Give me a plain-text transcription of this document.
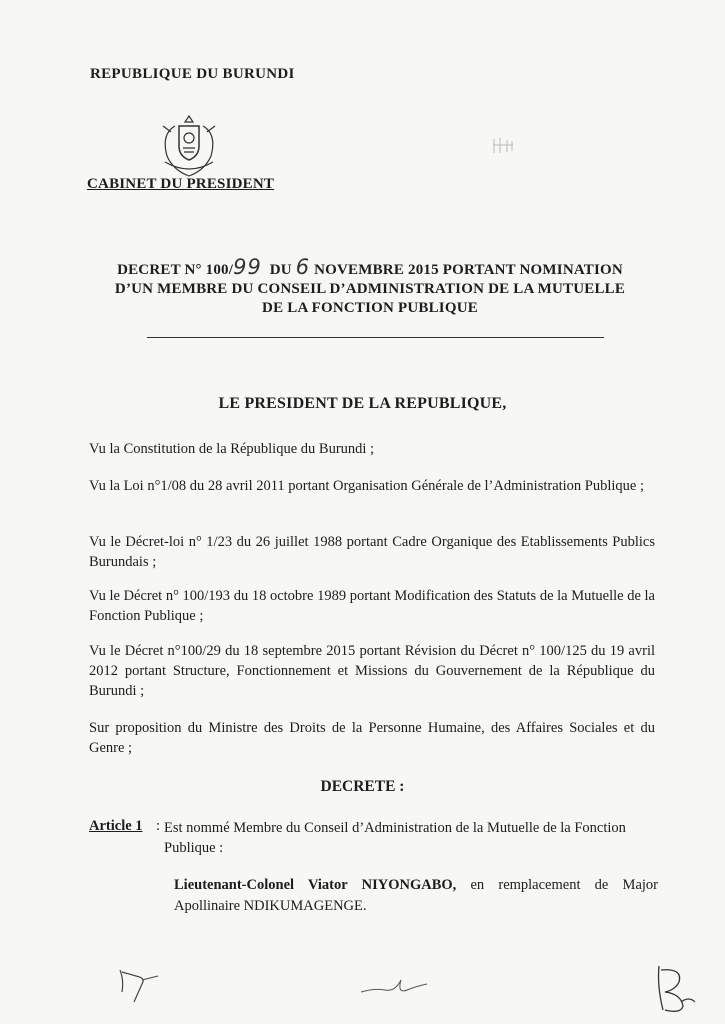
REPUBLIQUE DU BURUNDI
CABINET DU PRESIDENT
DECRET N° 100/99 DU 6 NOVEMBRE 2015 PORTANT NOMINATION
D’UN MEMBRE DU CONSEIL D’ADMINISTRATION DE LA MUTUELLE
DE LA FONCTION PUBLIQUE
LE PRESIDENT DE LA REPUBLIQUE,
Vu la Constitution de la République du Burundi ;
Vu la Loi n°1/08 du 28 avril 2011 portant Organisation Générale de l’Administration Publique ;
Vu le Décret-loi n° 1/23 du 26 juillet 1988 portant Cadre Organique des Etablissements Publics Burundais ;
Vu le Décret n° 100/193 du 18 octobre 1989 portant Modification des Statuts de la Mutuelle de la Fonction Publique ;
Vu le Décret n°100/29 du 18 septembre 2015 portant Révision du Décret n° 100/125 du 19 avril 2012 portant Structure, Fonctionnement et Missions du Gouvernement de la République du Burundi ;
Sur proposition du Ministre des Droits de la Personne Humaine, des Affaires Sociales et du Genre ;
DECRETE :
Article 1 : Est nommé Membre du Conseil d’Administration de la Mutuelle de la Fonction Publique :
Lieutenant-Colonel Viator NIYONGABO, en remplacement de Major Apollinaire NDIKUMAGENGE.
